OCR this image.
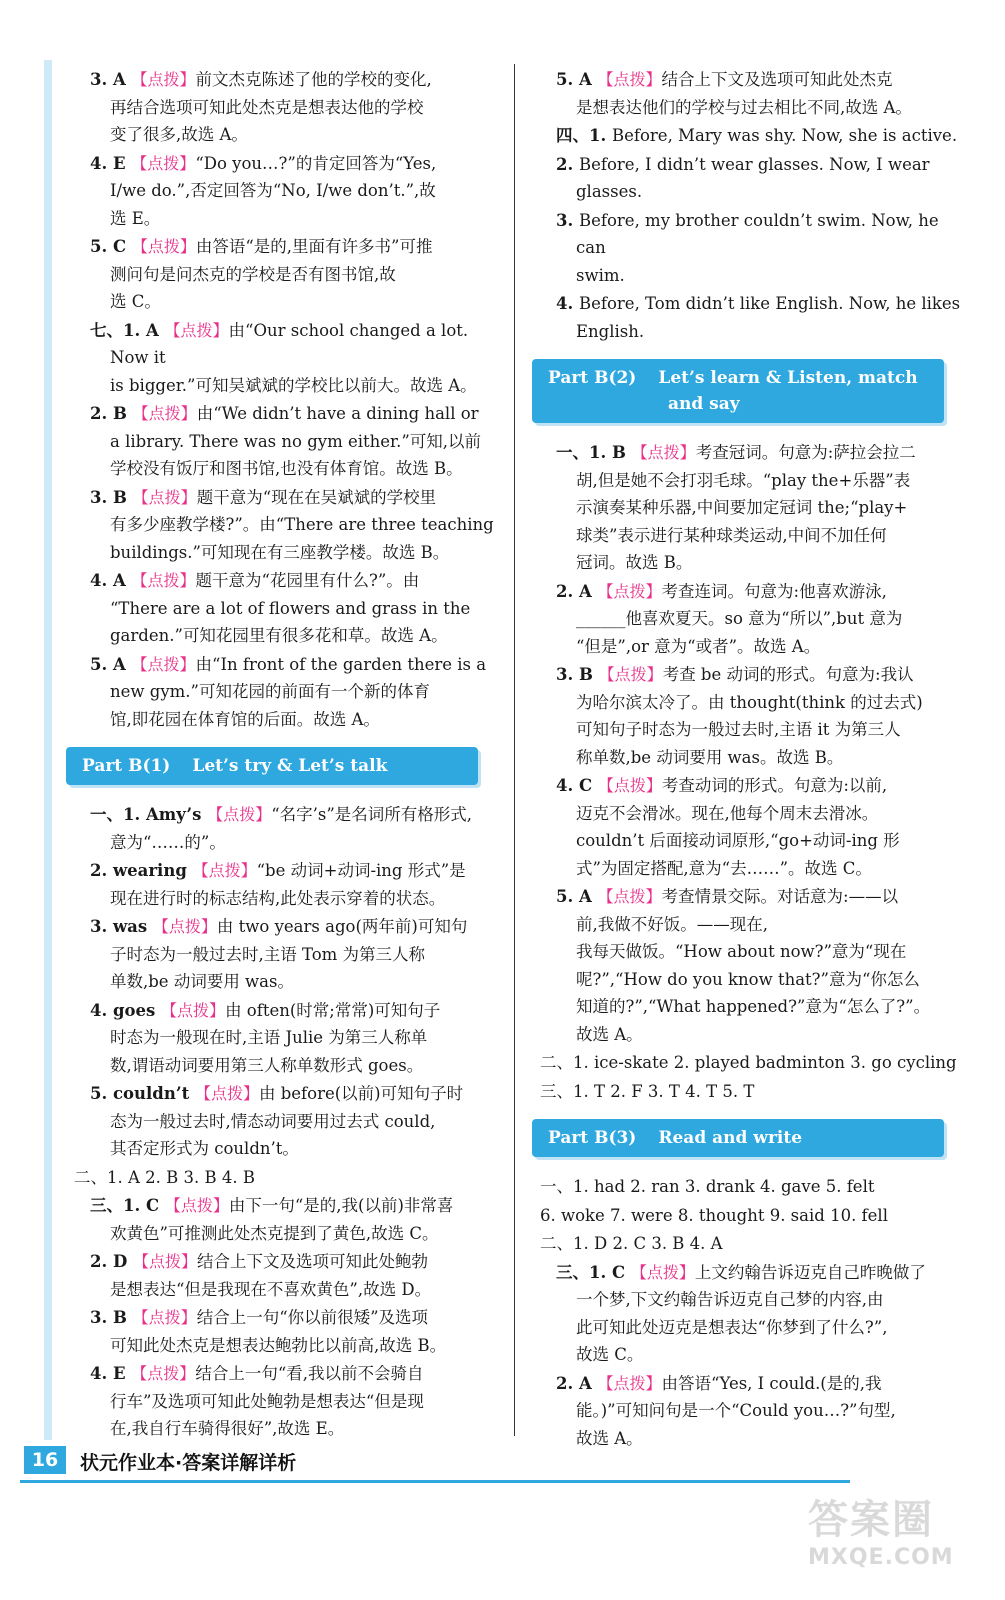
3. A 【点拨】前文杰克陈述了他的学校的变化,
再结合选项可知此处杰克是想表达他的学校
变了很多,故选 A。
4. E 【点拨】“Do you…?”的肯定回答为“Yes,
I/we do.”,否定回答为“No, I/we don’t.”,故
选 E。
5. C 【点拨】由答语“是的,里面有许多书”可推
测问句是问杰克的学校是否有图书馆,故
选 C。
七、1. A 【点拨】由“Our school changed a lot. Now it
is bigger.”可知吴斌斌的学校比以前大。故选 A。
2. B 【点拨】由“We didn’t have a dining hall or
a library. There was no gym either.”可知,以前
学校没有饭厅和图书馆,也没有体育馆。故选 B。
3. B 【点拨】题干意为“现在在吴斌斌的学校里
有多少座教学楼?”。由“There are three teaching
buildings.”可知现在有三座教学楼。故选 B。
4. A 【点拨】题干意为“花园里有什么?”。由
“There are a lot of flowers and grass in the
garden.”可知花园里有很多花和草。故选 A。
5. A 【点拨】由“In front of the garden there is a
new gym.”可知花园的前面有一个新的体育
馆,即花园在体育馆的后面。故选 A。
Part B(1) Let’s try & Let’s talk
一、1. Amy’s 【点拨】“名字’s”是名词所有格形式,
意为“……的”。
2. wearing 【点拨】“be 动词+动词-ing 形式”是
现在进行时的标志结构,此处表示穿着的状态。
3. was 【点拨】由 two years ago(两年前)可知句
子时态为一般过去时,主语 Tom 为第三人称
单数,be 动词要用 was。
4. goes 【点拨】由 often(时常;常常)可知句子
时态为一般现在时,主语 Julie 为第三人称单
数,谓语动词要用第三人称单数形式 goes。
5. couldn’t 【点拨】由 before(以前)可知句子时
态为一般过去时,情态动词要用过去式 could,
其否定形式为 couldn’t。
二、1. A 2. B 3. B 4. B
三、1. C 【点拨】由下一句“是的,我(以前)非常喜
欢黄色”可推测此处杰克提到了黄色,故选 C。
2. D 【点拨】结合上下文及选项可知此处鲍勃
是想表达“但是我现在不喜欢黄色”,故选 D。
3. B 【点拨】结合上一句“你以前很矮”及选项
可知此处杰克是想表达鲍勃比以前高,故选 B。
4. E 【点拨】结合上一句“看,我以前不会骑自
行车”及选项可知此处鲍勃是想表达“但是现
在,我自行车骑得很好”,故选 E。
5. A 【点拨】结合上下文及选项可知此处杰克
是想表达他们的学校与过去相比不同,故选 A。
四、1. Before, Mary was shy. Now, she is active.
2. Before, I didn’t wear glasses. Now, I wear glasses.
3. Before, my brother couldn’t swim. Now, he can
swim.
4. Before, Tom didn’t like English. Now, he likes
English.
Part B(2) Let’s learn & Listen, match
and say
一、1. B 【点拨】考查冠词。句意为:萨拉会拉二
胡,但是她不会打羽毛球。“play the+乐器”表
示演奏某种乐器,中间要加定冠词 the;“play+
球类”表示进行某种球类运动,中间不加任何
冠词。故选 B。
2. A 【点拨】考查连词。句意为:他喜欢游泳,
______他喜欢夏天。so 意为“所以”,but 意为
“但是”,or 意为“或者”。故选 A。
3. B 【点拨】考查 be 动词的形式。句意为:我认
为哈尔滨太冷了。由 thought(think 的过去式)
可知句子时态为一般过去时,主语 it 为第三人
称单数,be 动词要用 was。故选 B。
4. C 【点拨】考查动词的形式。句意为:以前,
迈克不会滑冰。现在,他每个周末去滑冰。
couldn’t 后面接动词原形,“go+动词-ing 形
式”为固定搭配,意为“去……”。故选 C。
5. A 【点拨】考查情景交际。对话意为:——以
前,我做不好饭。——现在,
我每天做饭。“How about now?”意为“现在
呢?”,“How do you know that?”意为“你怎么
知道的?”,“What happened?”意为“怎么了?”。
故选 A。
二、1. ice-skate 2. played badminton 3. go cycling
三、1. T 2. F 3. T 4. T 5. T
Part B(3) Read and write
一、1. had 2. ran 3. drank 4. gave 5. felt
6. woke 7. were 8. thought 9. said 10. fell
二、1. D 2. C 3. B 4. A
三、1. C 【点拨】上文约翰告诉迈克自己昨晚做了
一个梦,下文约翰告诉迈克自己梦的内容,由
此可知此处迈克是想表达“你梦到了什么?”,
故选 C。
2. A 【点拨】由答语“Yes, I could.(是的,我
能。)”可知问句是一个“Could you…?”句型,
故选 A。
16	状元作业本·答案详解详析
答案圈
MXQE.COM
